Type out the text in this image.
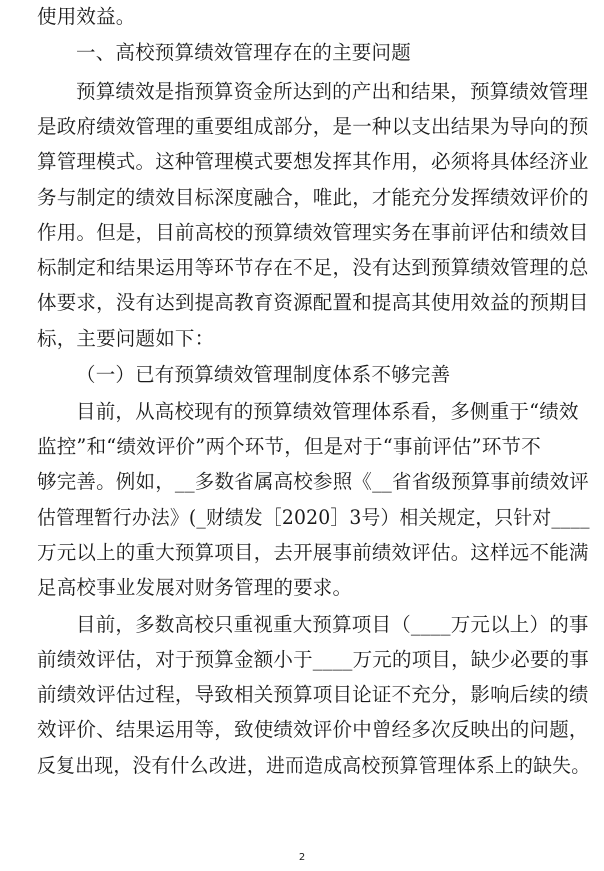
使用效益。
一、高校预算绩效管理存在的主要问题
预算绩效是指预算资金所达到的产出和结果，预算绩效管理
是政府绩效管理的重要组成部分，是一种以支出结果为导向的预
算管理模式。这种管理模式要想发挥其作用，必须将具体经济业
务与制定的绩效目标深度融合，唯此，才能充分发挥绩效评价的
作用。但是，目前高校的预算绩效管理实务在事前评估和绩效目
标制定和结果运用等环节存在不足，没有达到预算绩效管理的总
体要求，没有达到提高教育资源配置和提高其使用效益的预期目
标，主要问题如下：
（一）已有预算绩效管理制度体系不够完善
目前，从高校现有的预算绩效管理体系看，多侧重于“绩效
监控”和“绩效评价”两个环节，但是对于“事前评估”环节不
够完善。例如，__多数省属高校参照《__省省级预算事前绩效评
估管理暂行办法》(_财绩发［2020］3号）相关规定，只针对____
万元以上的重大预算项目，去开展事前绩效评估。这样远不能满
足高校事业发展对财务管理的要求。
目前，多数高校只重视重大预算项目（____万元以上）的事
前绩效评估，对于预算金额小于____万元的项目，缺少必要的事
前绩效评估过程，导致相关预算项目论证不充分，影响后续的绩
效评价、结果运用等，致使绩效评价中曾经多次反映出的问题，
反复出现，没有什么改进，进而造成高校预算管理体系上的缺失。
2
